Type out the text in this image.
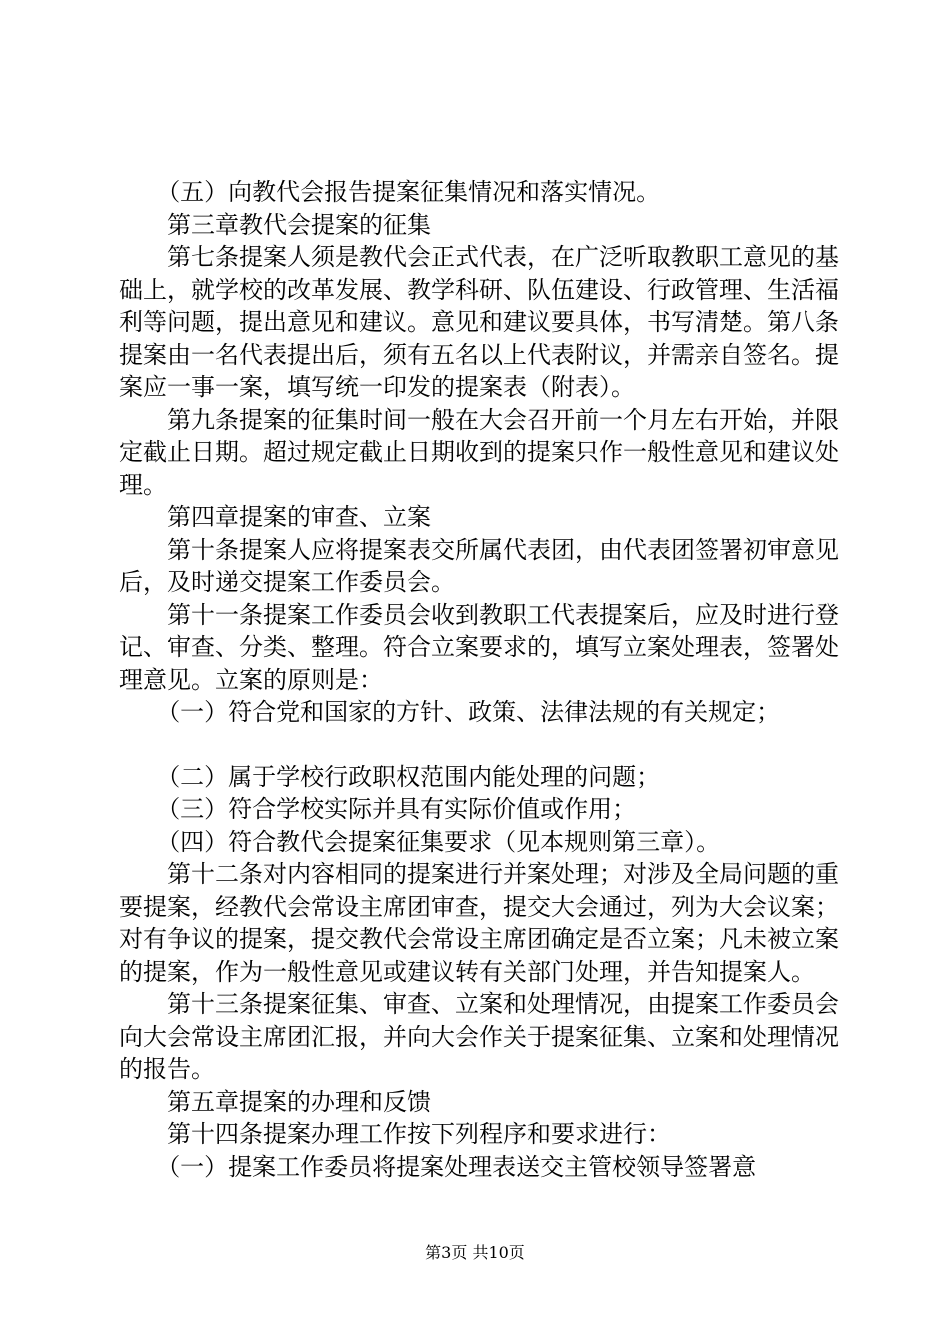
（五）向教代会报告提案征集情况和落实情况。

第三章教代会提案的征集

第七条提案人须是教代会正式代表，在广泛听取教职工意见的基础上，就学校的改革发展、教学科研、队伍建设、行政管理、生活福利等问题，提出意见和建议。意见和建议要具体，书写清楚。第八条提案由一名代表提出后，须有五名以上代表附议，并需亲自签名。提案应一事一案，填写统一印发的提案表（附表）。

第九条提案的征集时间一般在大会召开前一个月左右开始，并限定截止日期。超过规定截止日期收到的提案只作一般性意见和建议处理。

第四章提案的审查、立案

第十条提案人应将提案表交所属代表团，由代表团签署初审意见后，及时递交提案工作委员会。

第十一条提案工作委员会收到教职工代表提案后，应及时进行登记、审查、分类、整理。符合立案要求的，填写立案处理表，签署处理意见。立案的原则是：

（一）符合党和国家的方针、政策、法律法规的有关规定；

（二）属于学校行政职权范围内能处理的问题；

（三）符合学校实际并具有实际价值或作用；

（四）符合教代会提案征集要求（见本规则第三章）。

第十二条对内容相同的提案进行并案处理；对涉及全局问题的重要提案，经教代会常设主席团审查，提交大会通过，列为大会议案；对有争议的提案，提交教代会常设主席团确定是否立案；凡未被立案的提案，作为一般性意见或建议转有关部门处理，并告知提案人。

第十三条提案征集、审查、立案和处理情况，由提案工作委员会向大会常设主席团汇报，并向大会作关于提案征集、立案和处理情况的报告。

第五章提案的办理和反馈

第十四条提案办理工作按下列程序和要求进行：

（一）提案工作委员将提案处理表送交主管校领导签署意

第3页 共10页
